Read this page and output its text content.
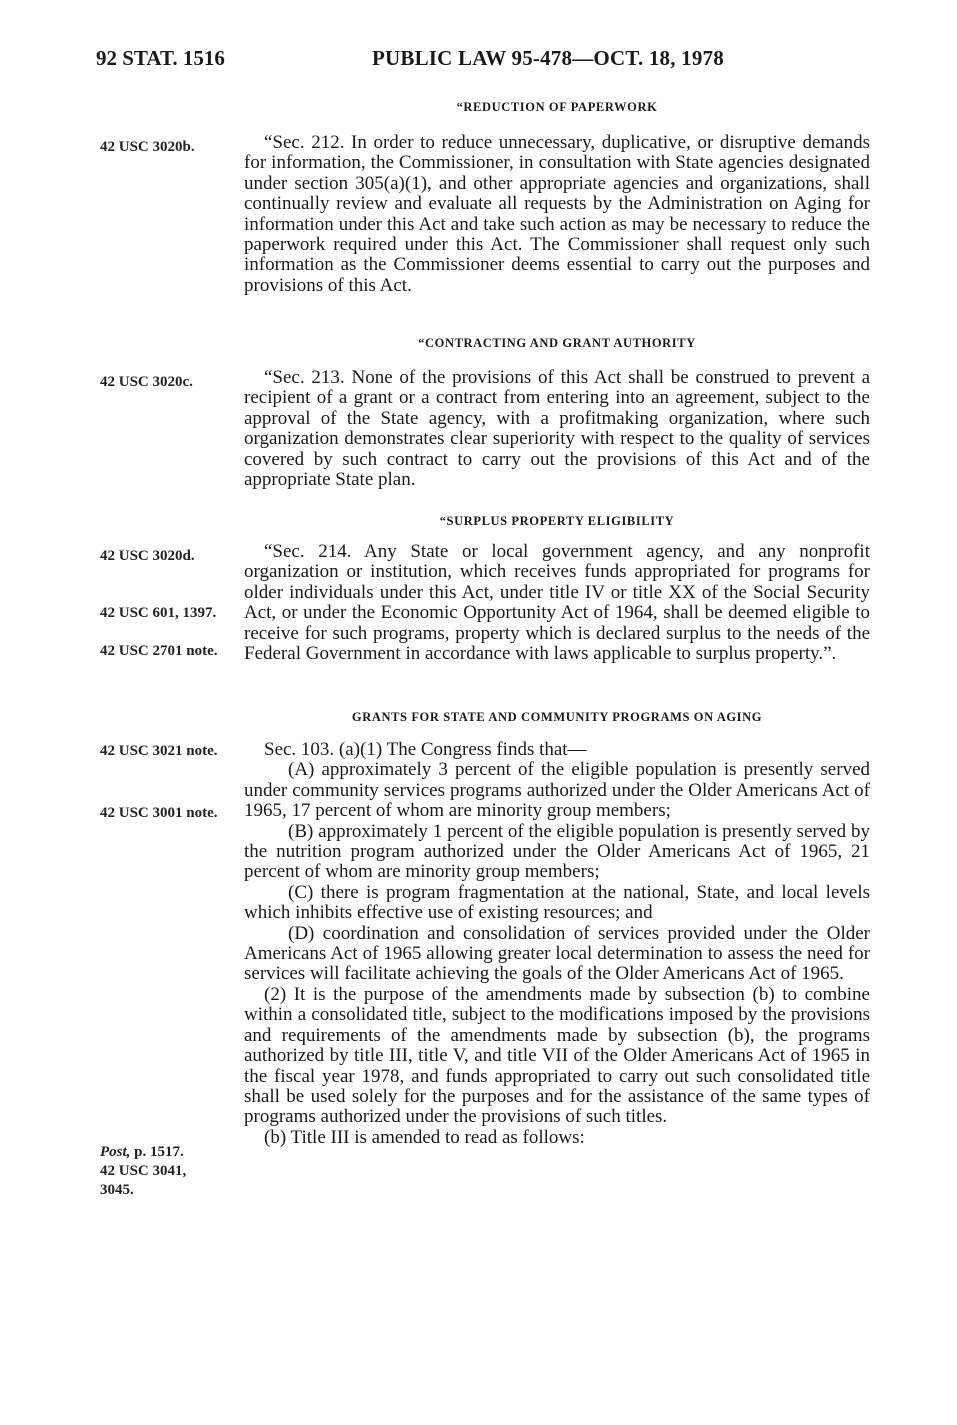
92 STAT. 1516	PUBLIC LAW 95-478—OCT. 18, 1978
“REDUCTION OF PAPERWORK
42 USC 3020b.	“Sec. 212. In order to reduce unnecessary, duplicative, or disruptive demands for information, the Commissioner, in consultation with State agencies designated under section 305(a)(1), and other appropriate agencies and organizations, shall continually review and evaluate all requests by the Administration on Aging for information under this Act and take such action as may be necessary to reduce the paperwork required under this Act. The Commissioner shall request only such information as the Commissioner deems essential to carry out the purposes and provisions of this Act.

“CONTRACTING AND GRANT AUTHORITY
42 USC 3020c.	“Sec. 213. None of the provisions of this Act shall be construed to prevent a recipient of a grant or a contract from entering into an agreement, subject to the approval of the State agency, with a profitmaking organization, where such organization demonstrates clear superiority with respect to the quality of services covered by such contract to carry out the provisions of this Act and of the appropriate State plan.

“SURPLUS PROPERTY ELIGIBILITY
42 USC 3020d.
42 USC 601, 1397.
42 USC 2701 note.

“Sec. 214. Any State or local government agency, and any nonprofit organization or institution, which receives funds appropriated for programs for older individuals under this Act, under title IV or title XX of the Social Security Act, or under the Economic Opportunity Act of 1964, shall be deemed eligible to receive for such programs, property which is declared surplus to the needs of the Federal Government in accordance with laws applicable to surplus property.”.

GRANTS FOR STATE AND COMMUNITY PROGRAMS ON AGING
42 USC 3021 note.
42 USC 3001 note.
Post, p. 1517.
42 USC 3041, 3045.

Sec. 103. (a)(1) The Congress finds that—

(A) approximately 3 percent of the eligible population is presently served under community services programs authorized under the Older Americans Act of 1965, 17 percent of whom are minority group members;

(B) approximately 1 percent of the eligible population is presently served by the nutrition program authorized under the Older Americans Act of 1965, 21 percent of whom are minority group members;

(C) there is program fragmentation at the national, State, and local levels which inhibits effective use of existing resources; and

(D) coordination and consolidation of services provided under the Older Americans Act of 1965 allowing greater local determination to assess the need for services will facilitate achieving the goals of the Older Americans Act of 1965.

(2) It is the purpose of the amendments made by subsection (b) to combine within a consolidated title, subject to the modifications imposed by the provisions and requirements of the amendments made by subsection (b), the programs authorized by title III, title V, and title VII of the Older Americans Act of 1965 in the fiscal year 1978, and funds appropriated to carry out such consolidated title shall be used solely for the purposes and for the assistance of the same types of programs authorized under the provisions of such titles.

(b) Title III is amended to read as follows:
